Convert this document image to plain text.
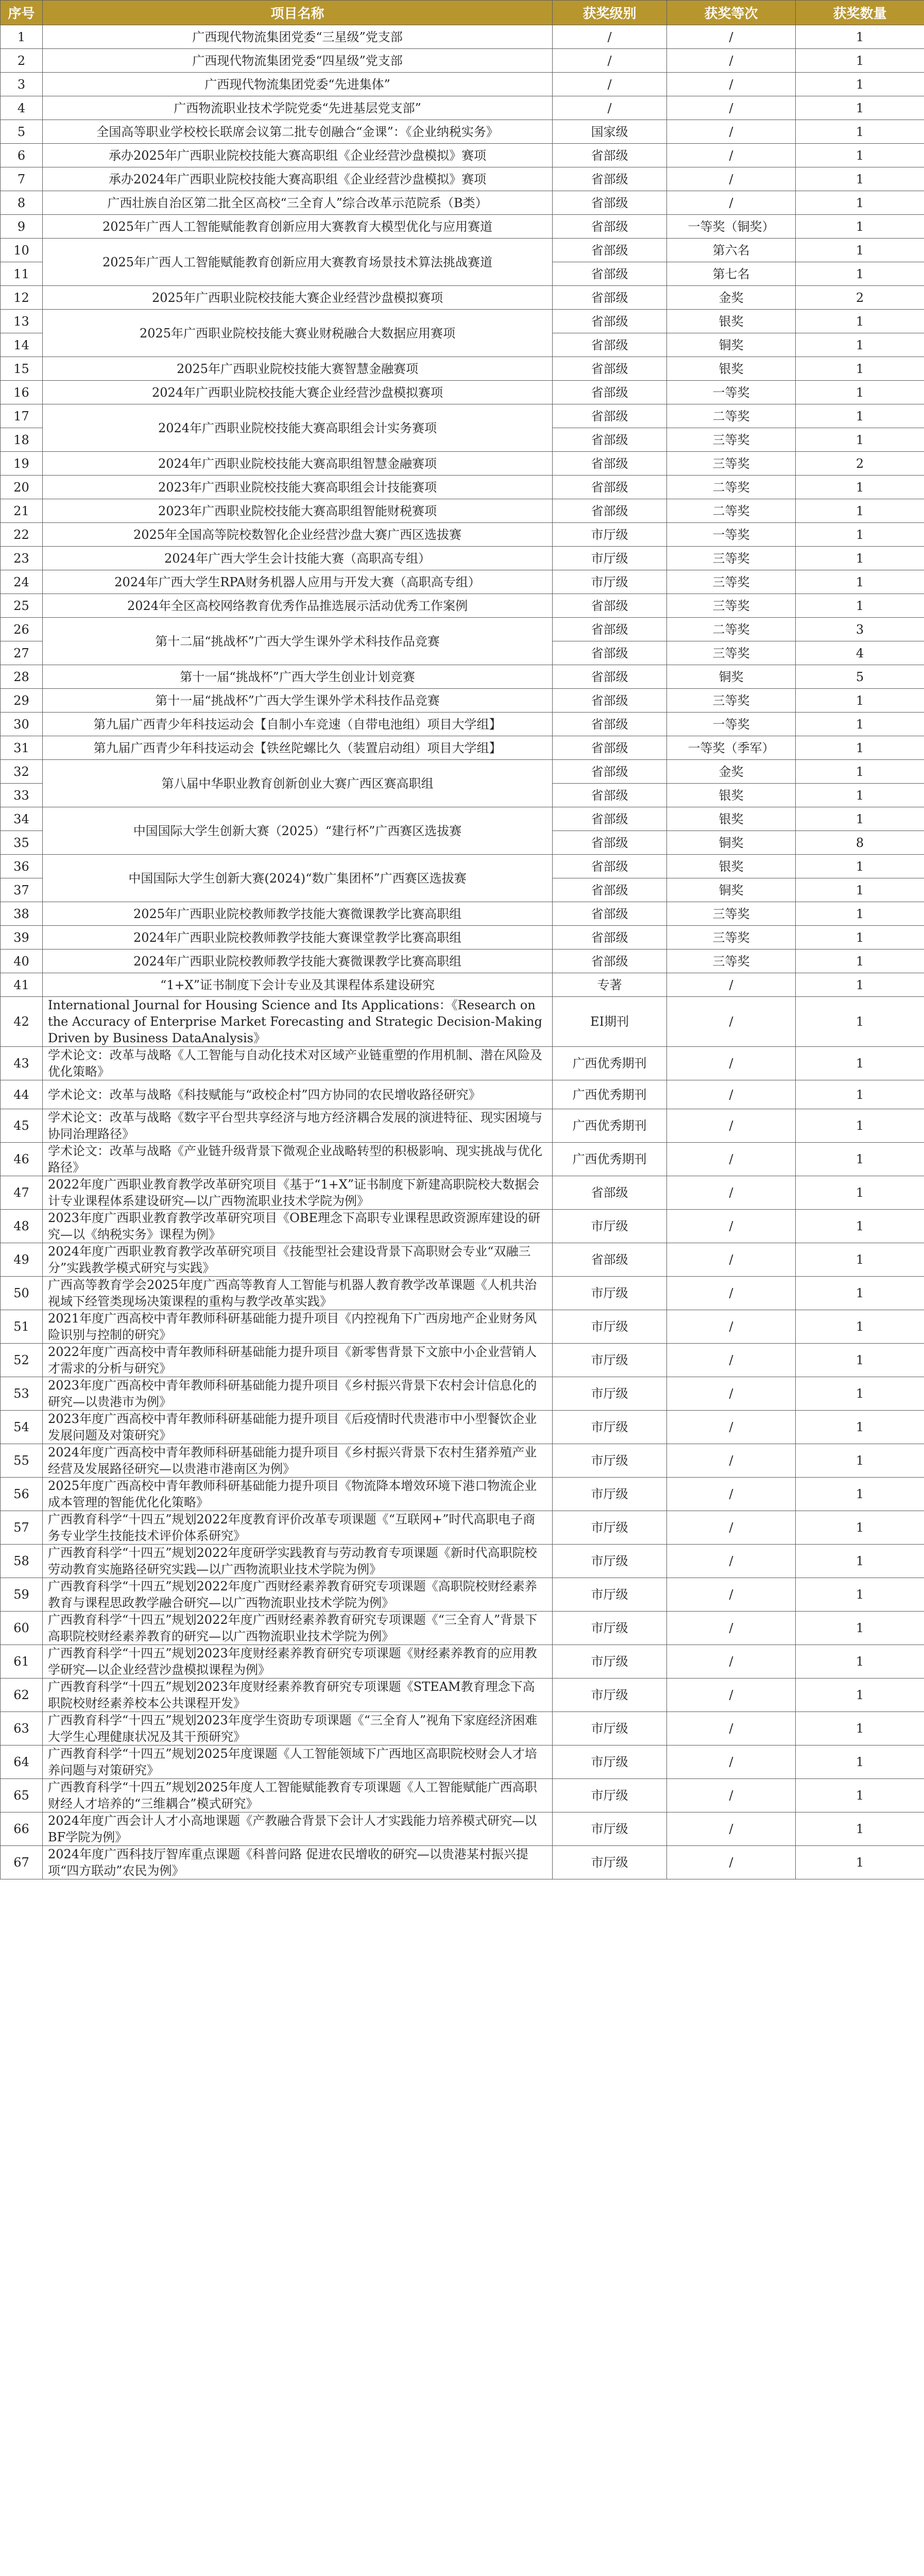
序号	项目名称	获奖级别	获奖等次	获奖数量
1	广西现代物流集团党委“三星级”党支部	/	/	1
2	广西现代物流集团党委“四星级”党支部	/	/	1
3	广西现代物流集团党委“先进集体”	/	/	1
4	广西物流职业技术学院党委“先进基层党支部”	/	/	1
5	全国高等职业学校校长联席会议第二批专创融合“金课”：《企业纳税实务》	国家级	/	1
6	承办2025年广西职业院校技能大赛高职组《企业经营沙盘模拟》赛项	省部级	/	1
7	承办2024年广西职业院校技能大赛高职组《企业经营沙盘模拟》赛项	省部级	/	1
8	广西壮族自治区第二批全区高校“三全育人”综合改革示范院系（B类）	省部级	/	1
9	2025年广西人工智能赋能教育创新应用大赛教育大模型优化与应用赛道	省部级	一等奖（铜奖）	1
10	2025年广西人工智能赋能教育创新应用大赛教育场景技术算法挑战赛道	省部级	第六名	1
11		省部级	第七名	1
12	2025年广西职业院校技能大赛企业经营沙盘模拟赛项	省部级	金奖	2
13	2025年广西职业院校技能大赛业财税融合大数据应用赛项	省部级	银奖	1
14		省部级	铜奖	1
15	2025年广西职业院校技能大赛智慧金融赛项	省部级	银奖	1
16	2024年广西职业院校技能大赛企业经营沙盘模拟赛项	省部级	一等奖	1
17	2024年广西职业院校技能大赛高职组会计实务赛项	省部级	二等奖	1
18		省部级	三等奖	1
19	2024年广西职业院校技能大赛高职组智慧金融赛项	省部级	三等奖	2
20	2023年广西职业院校技能大赛高职组会计技能赛项	省部级	二等奖	1
21	2023年广西职业院校技能大赛高职组智能财税赛项	省部级	二等奖	1
22	2025年全国高等院校数智化企业经营沙盘大赛广西区选拔赛	市厅级	一等奖	1
23	2024年广西大学生会计技能大赛（高职高专组）	市厅级	三等奖	1
24	2024年广西大学生RPA财务机器人应用与开发大赛（高职高专组）	市厅级	三等奖	1
25	2024年全区高校网络教育优秀作品推选展示活动优秀工作案例	省部级	三等奖	1
26	第十二届“挑战杯”广西大学生课外学术科技作品竞赛	省部级	二等奖	3
27		省部级	三等奖	4
28	第十一届“挑战杯”广西大学生创业计划竞赛	省部级	铜奖	5
29	第十一届“挑战杯”广西大学生课外学术科技作品竞赛	省部级	三等奖	1
30	第九届广西青少年科技运动会【自制小车竞速（自带电池组）项目大学组】	省部级	一等奖	1
31	第九届广西青少年科技运动会【铁丝陀螺比久（装置启动组）项目大学组】	省部级	一等奖（季军）	1
32	第八届中华职业教育创新创业大赛广西区赛高职组	省部级	金奖	1
33		省部级	银奖	1
34	中国国际大学生创新大赛（2025）“建行杯”广西赛区选拔赛	省部级	银奖	1
35		省部级	铜奖	8
36	中国国际大学生创新大赛(2024)“数广集团杯”广西赛区选拔赛	省部级	银奖	1
37		省部级	铜奖	1
38	2025年广西职业院校教师教学技能大赛微课教学比赛高职组	省部级	三等奖	1
39	2024年广西职业院校教师教学技能大赛课堂教学比赛高职组	省部级	三等奖	1
40	2024年广西职业院校教师教学技能大赛微课教学比赛高职组	省部级	三等奖	1
41	“1+X”证书制度下会计专业及其课程体系建设研究	专著	/	1
42	International Journal for Housing Science and Its Applications：《Research on the Accuracy of Enterprise Market Forecasting and Strategic Decision-Making Driven by Business DataAnalysis》	EI期刊	/	1
43	学术论文：改革与战略《人工智能与自动化技术对区域产业链重塑的作用机制、潜在风险及优化策略》	广西优秀期刊	/	1
44	学术论文：改革与战略《科技赋能与“政校企村”四方协同的农民增收路径研究》	广西优秀期刊	/	1
45	学术论文：改革与战略《数字平台型共享经济与地方经济耦合发展的演进特征、现实困境与协同治理路径》	广西优秀期刊	/	1
46	学术论文：改革与战略《产业链升级背景下微观企业战略转型的积极影响、现实挑战与优化路径》	广西优秀期刊	/	1
47	2022年度广西职业教育教学改革研究项目《基于“1+X”证书制度下新建高职院校大数据会计专业课程体系建设研究—以广西物流职业技术学院为例》	省部级	/	1
48	2023年度广西职业教育教学改革研究项目《OBE理念下高职专业课程思政资源库建设的研究—以《纳税实务》课程为例》	市厅级	/	1
49	2024年度广西职业教育教学改革研究项目《技能型社会建设背景下高职财会专业“双融三分”实践教学模式研究与实践》	省部级	/	1
50	广西高等教育学会2025年度广西高等教育人工智能与机器人教育教学改革课题《人机共治视域下经管类现场决策课程的重构与教学改革实践》	市厅级	/	1
51	2021年度广西高校中青年教师科研基础能力提升项目《内控视角下广西房地产企业财务风险识别与控制的研究》	市厅级	/	1
52	2022年度广西高校中青年教师科研基础能力提升项目《新零售背景下文旅中小企业营销人才需求的分析与研究》	市厅级	/	1
53	2023年度广西高校中青年教师科研基础能力提升项目《乡村振兴背景下农村会计信息化的研究—以贵港市为例》	市厅级	/	1
54	2023年度广西高校中青年教师科研基础能力提升项目《后疫情时代贵港市中小型餐饮企业发展问题及对策研究》	市厅级	/	1
55	2024年度广西高校中青年教师科研基础能力提升项目《乡村振兴背景下农村生猪养殖产业经营及发展路径研究—以贵港市港南区为例》	市厅级	/	1
56	2025年度广西高校中青年教师科研基础能力提升项目《物流降本增效环境下港口物流企业成本管理的智能优化化策略》	市厅级	/	1
57	广西教育科学“十四五”规划2022年度教育评价改革专项课题《“互联网+”时代高职电子商务专业学生技能技术评价体系研究》	市厅级	/	1
58	广西教育科学“十四五”规划2022年度研学实践教育与劳动教育专项课题《新时代高职院校劳动教育实施路径研究实践—以广西物流职业技术学院为例》	市厅级	/	1
59	广西教育科学“十四五”规划2022年度广西财经素养教育研究专项课题《高职院校财经素养教育与课程思政教学融合研究—以广西物流职业技术学院为例》	市厅级	/	1
60	广西教育科学“十四五”规划2022年度广西财经素养教育研究专项课题《“三全育人”背景下高职院校财经素养教育的研究—以广西物流职业技术学院为例》	市厅级	/	1
61	广西教育科学“十四五”规划2023年度财经素养教育研究专项课题《财经素养教育的应用教学研究—以企业经营沙盘模拟课程为例》	市厅级	/	1
62	广西教育科学“十四五”规划2023年度财经素养教育研究专项课题《STEAM教育理念下高职院校财经素养校本公共课程开发》	市厅级	/	1
63	广西教育科学“十四五”规划2023年度学生资助专项课题《“三全育人”视角下家庭经济困难大学生心理健康状况及其干预研究》	市厅级	/	1
64	广西教育科学“十四五”规划2025年度课题《人工智能领域下广西地区高职院校财会人才培养问题与对策研究》	市厅级	/	1
65	广西教育科学“十四五”规划2025年度人工智能赋能教育专项课题《人工智能赋能广西高职财经人才培养的“三维耦合”模式研究》	市厅级	/	1
66	2024年度广西会计人才小高地课题《产教融合背景下会计人才实践能力培养模式研究—以BF学院为例》	市厅级	/	1
67	2024年度广西科技厅智库重点课题《科普问路 促进农民增收的研究—以贵港某村振兴提项“四方联动”农民为例》	市厅级	/	1
